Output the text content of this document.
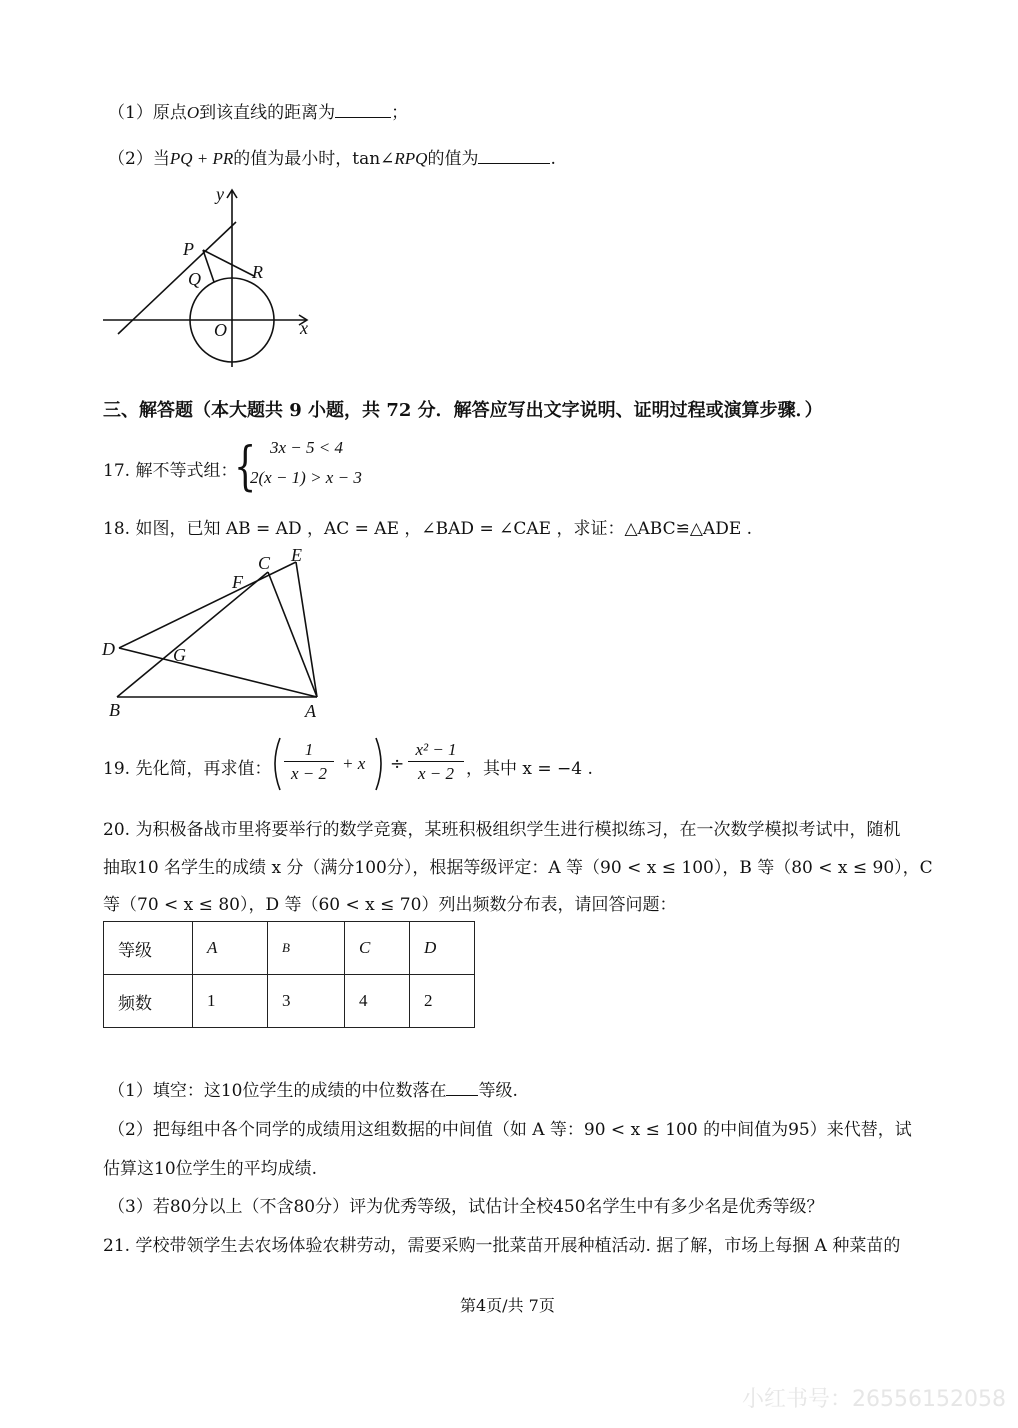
（1）原点O到该直线的距离为	；
（2）当PQ + PR的值为最小时，tan∠RPQ的值为	.
y
x
P
Q	R
O
三、解答题（本大题共 9 小题，共 72 分．解答应写出文字说明、证明过程或演算步骤．）
17. 解不等式组：
{ 3x − 5 < 4
2(x − 1) > x − 3
18. 如图，已知 AB = AD ，AC = AE ，∠BAD = ∠CAE ，求证：△ABC≌△ADE .
C E
F
D	G
B	A
19. 先化简，再求值： $\frac{1}{x - 2} + x \div \frac{\text{x² − 1}}{x - 2}$ ，其中 x = −4 .
20. 为积极备战市里将要举行的数学竞赛，某班积极组织学生进行模拟练习，在一次数学模拟考试中，随机
抽取10 名学生的成绩 x 分（满分100分），根据等级评定：A 等（90 < x ≤ 100），B 等（80 < x ≤ 90），C
等（70 < x ≤ 80），D 等（60 < x ≤ 70）列出频数分布表，请回答问题：
等级	A	B	C	D
频数	1	3	4	2
（1）填空：这10位学生的成绩的中位数落在 等级.
（2）把每组中各个同学的成绩用这组数据的中间值（如 A 等：90 < x ≤ 100 的中间值为95）来代替，试
估算这10位学生的平均成绩.
（3）若80分以上（不含80分）评为优秀等级，试估计全校450名学生中有多少名是优秀等级？
21. 学校带领学生去农场体验农耕劳动，需要采购一批菜苗开展种植活动. 据了解，市场上每捆 A 种菜苗的
第4页/共 7页
小红书号：26556152058
